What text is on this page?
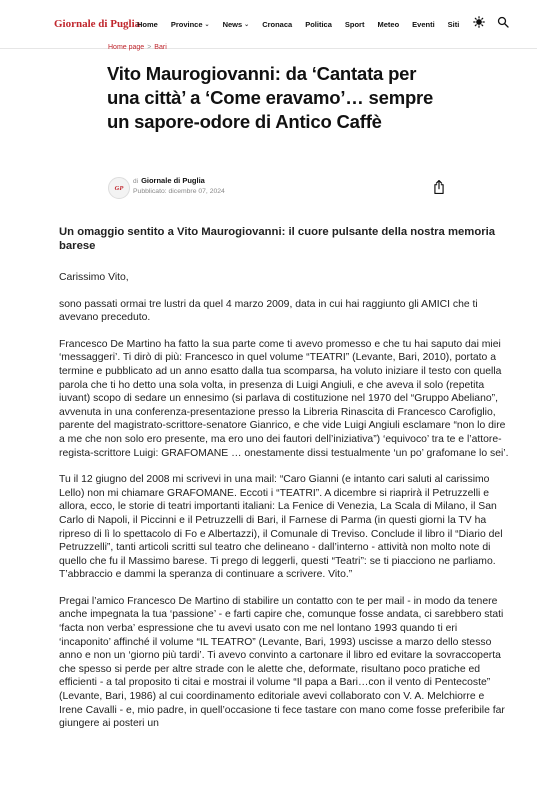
Giornale di Puglia
Home Province ⌄ News ⌄ Cronaca Politica Sport Meteo Eventi Siti
Home page > Bari
Vito Maurogiovanni: da ‘Cantata per una città’ a ‘Come eravamo’… sempre un sapore-odore di Antico Caffè
GP
di Giornale di Puglia
Pubblicato: dicembre 07, 2024
Un omaggio sentito a Vito Maurogiovanni: il cuore pulsante della nostra memoria barese

Carissimo Vito,

sono passati ormai tre lustri da quel 4 marzo 2009, data in cui hai raggiunto gli AMICI che ti avevano preceduto.

Francesco De Martino ha fatto la sua parte come ti avevo promesso e che tu hai saputo dai miei ‘messaggeri’. Ti dirò di più: Francesco in quel volume “TEATRI” (Levante, Bari, 2010), portato a termine e pubblicato ad un anno esatto dalla tua scomparsa, ha voluto iniziare il testo con quella parola che ti ho detto una sola volta, in presenza di Luigi Angiuli, e che aveva il solo (repetita iuvant) scopo di sedare un ennesimo (si parlava di costituzione nel 1970 del “Gruppo Abeliano”, avvenuta in una conferenza-presentazione presso la Libreria Rinascita di Francesco Carofiglio, parente del magistrato-scrittore-senatore Gianrico, e che vide Luigi Angiuli esclamare “non lo dire a me che non solo ero presente, ma ero uno dei fautori dell’iniziativa”) ‘equivoco’ tra te e l’attore-regista-scrittore Luigi: GRAFOMANE … onestamente dissi testualmente ‘un po’ grafomane lo sei’.

Tu il 12 giugno del 2008 mi scrivevi in una mail: “Caro Gianni (e intanto cari saluti al carissimo Lello) non mi chiamare GRAFOMANE. Eccoti i “TEATRI”. A dicembre si riaprirà il Petruzzelli e allora, ecco, le storie di teatri importanti italiani: La Fenice di Venezia, La Scala di Milano, il San Carlo di Napoli, il Piccinni e il Petruzzelli di Bari, il Farnese di Parma (in questi giorni la TV ha ripreso di lì lo spettacolo di Fo e Albertazzi), il Comunale di Treviso. Conclude il libro il “Diario del Petruzzelli”, tanti articoli scritti sul teatro che delineano - dall’interno - attività non molto note di quello che fu il Massimo barese. Ti prego di leggerli, questi “Teatri”: se ti piacciono ne parliamo. T’abbraccio e dammi la speranza di continuare a scrivere. Vito.”

Pregai l’amico Francesco De Martino di stabilire un contatto con te per mail - in modo da tenere anche impegnata la tua ‘passione’ - e farti capire che, comunque fosse andata, ci sarebbero stati ‘facta non verba’ espressione che tu avevi usato con me nel lontano 1993 quando ti eri ‘incaponito’ affinché il volume “IL TEATRO” (Levante, Bari, 1993) uscisse a marzo dello stesso anno e non un ‘giorno più tardi’. Ti avevo convinto a cartonare il libro ed evitare la sovraccoperta che spesso si perde per altre strade con le alette che, deformate, risultano poco pratiche ed efficienti - a tal proposito ti citai e mostrai il volume “Il papa a Bari…con il vento di Pentecoste” (Levante, Bari, 1986) al cui coordinamento editoriale avevi collaborato con V. A. Melchiorre e Irene Cavalli - e, mio padre, in quell’occasione ti fece tastare con mano come fosse preferibile far giungere ai posteri un
